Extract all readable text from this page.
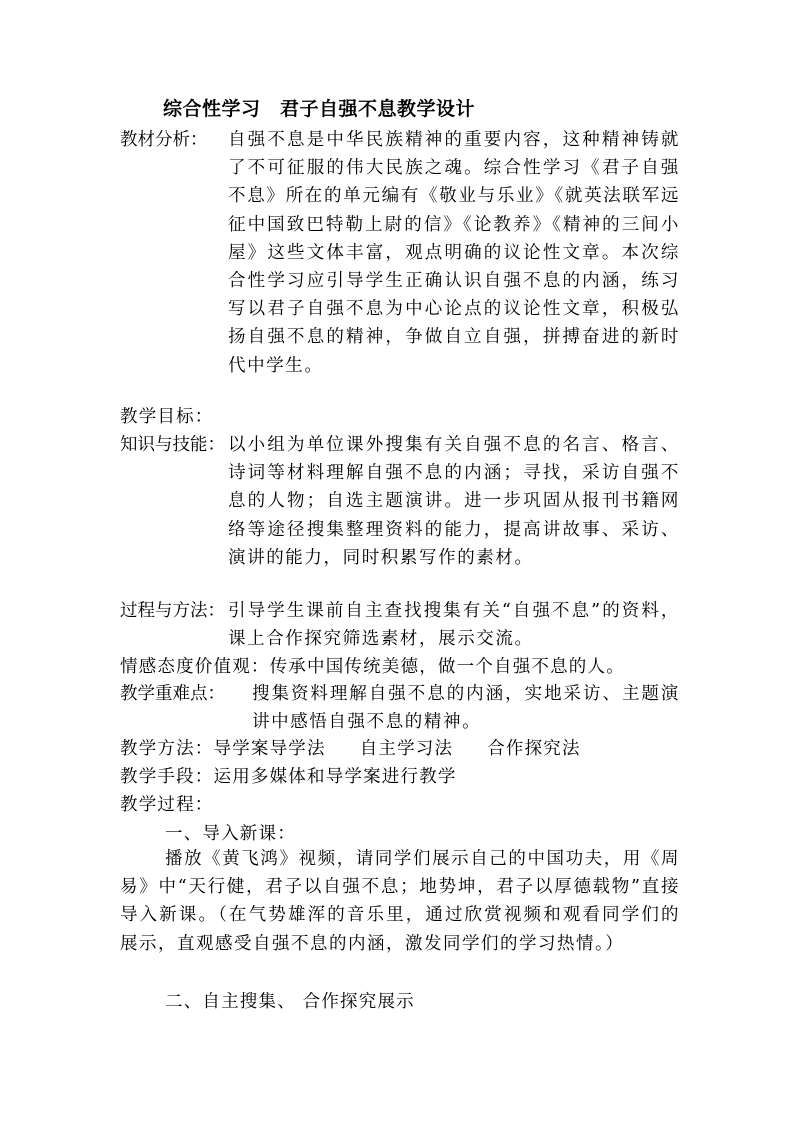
综合性学习　君子自强不息教学设计
教材分析： 自强不息是中华民族精神的重要内容，这种精神铸就了不可征服的伟大民族之魂。综合性学习《君子自强不息》所在的单元编有《敬业与乐业》《就英法联军远征中国致巴特勒上尉的信》《论教养》《精神的三间小屋》这些文体丰富，观点明确的议论性文章。本次综合性学习应引导学生正确认识自强不息的内涵，练习写以君子自强不息为中心论点的议论性文章，积极弘扬自强不息的精神，争做自立自强，拼搏奋进的新时代中学生。
教学目标：
知识与技能： 以小组为单位课外搜集有关自强不息的名言、格言、诗词等材料理解自强不息的内涵；寻找，采访自强不息的人物；自选主题演讲。进一步巩固从报刊书籍网络等途径搜集整理资料的能力，提高讲故事、采访、演讲的能力，同时积累写作的素材。
过程与方法： 引导学生课前自主查找搜集有关“自强不息”的资料，课上合作探究筛选素材，展示交流。
情感态度价值观：传承中国传统美德，做一个自强不息的人。
教学重难点： 搜集资料理解自强不息的内涵，实地采访、主题演讲中感悟自强不息的精神。
教学方法：导学案导学法 自主学习法 合作探究法
教学手段：运用多媒体和导学案进行教学
教学过程：
一、导入新课：
播放《黄飞鸿》视频，请同学们展示自己的中国功夫，用《周易》中“天行健，君子以自强不息；地势坤，君子以厚德载物”直接导入新课。（在气势雄浑的音乐里，通过欣赏视频和观看同学们的展示，直观感受自强不息的内涵，激发同学们的学习热情。）
二、自主搜集、 合作探究展示
